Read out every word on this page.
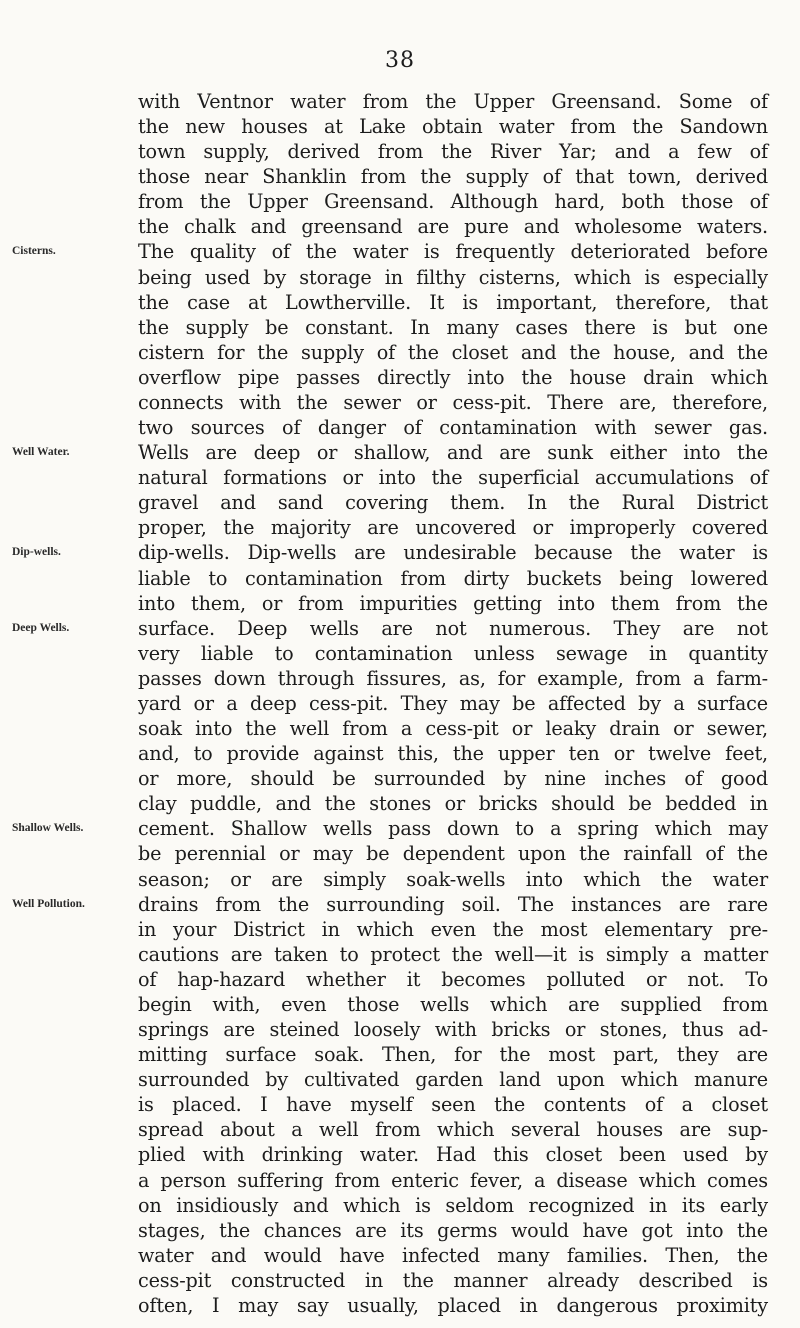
38
Cisterns.
Well Water.
Dip-wells.
Deep Wells.
Shallow Wells.
Well Pollution.
with Ventnor water from the Upper Greensand. Some of
the new houses at Lake obtain water from the Sandown
town supply, derived from the River Yar; and a few of
those near Shanklin from the supply of that town, derived
from the Upper Greensand. Although hard, both those of
the chalk and greensand are pure and wholesome waters.
The quality of the water is frequently deteriorated before
being used by storage in filthy cisterns, which is especially
the case at Lowtherville. It is important, therefore, that
the supply be constant. In many cases there is but one
cistern for the supply of the closet and the house, and the
overflow pipe passes directly into the house drain which
connects with the sewer or cess-pit. There are, therefore,
two sources of danger of contamination with sewer gas.
Wells are deep or shallow, and are sunk either into the
natural formations or into the superficial accumulations of
gravel and sand covering them. In the Rural District
proper, the majority are uncovered or improperly covered
dip-wells. Dip-wells are undesirable because the water is
liable to contamination from dirty buckets being lowered
into them, or from impurities getting into them from the
surface. Deep wells are not numerous. They are not
very liable to contamination unless sewage in quantity
passes down through fissures, as, for example, from a farm-
yard or a deep cess-pit. They may be affected by a surface
soak into the well from a cess-pit or leaky drain or sewer,
and, to provide against this, the upper ten or twelve feet,
or more, should be surrounded by nine inches of good
clay puddle, and the stones or bricks should be bedded in
cement. Shallow wells pass down to a spring which may
be perennial or may be dependent upon the rainfall of the
season; or are simply soak-wells into which the water
drains from the surrounding soil. The instances are rare
in your District in which even the most elementary pre-
cautions are taken to protect the well—it is simply a matter
of hap-hazard whether it becomes polluted or not. To
begin with, even those wells which are supplied from
springs are steined loosely with bricks or stones, thus ad-
mitting surface soak. Then, for the most part, they are
surrounded by cultivated garden land upon which manure
is placed. I have myself seen the contents of a closet
spread about a well from which several houses are sup-
plied with drinking water. Had this closet been used by
a person suffering from enteric fever, a disease which comes
on insidiously and which is seldom recognized in its early
stages, the chances are its germs would have got into the
water and would have infected many families. Then, the
cess-pit constructed in the manner already described is
often, I may say usually, placed in dangerous proximity
